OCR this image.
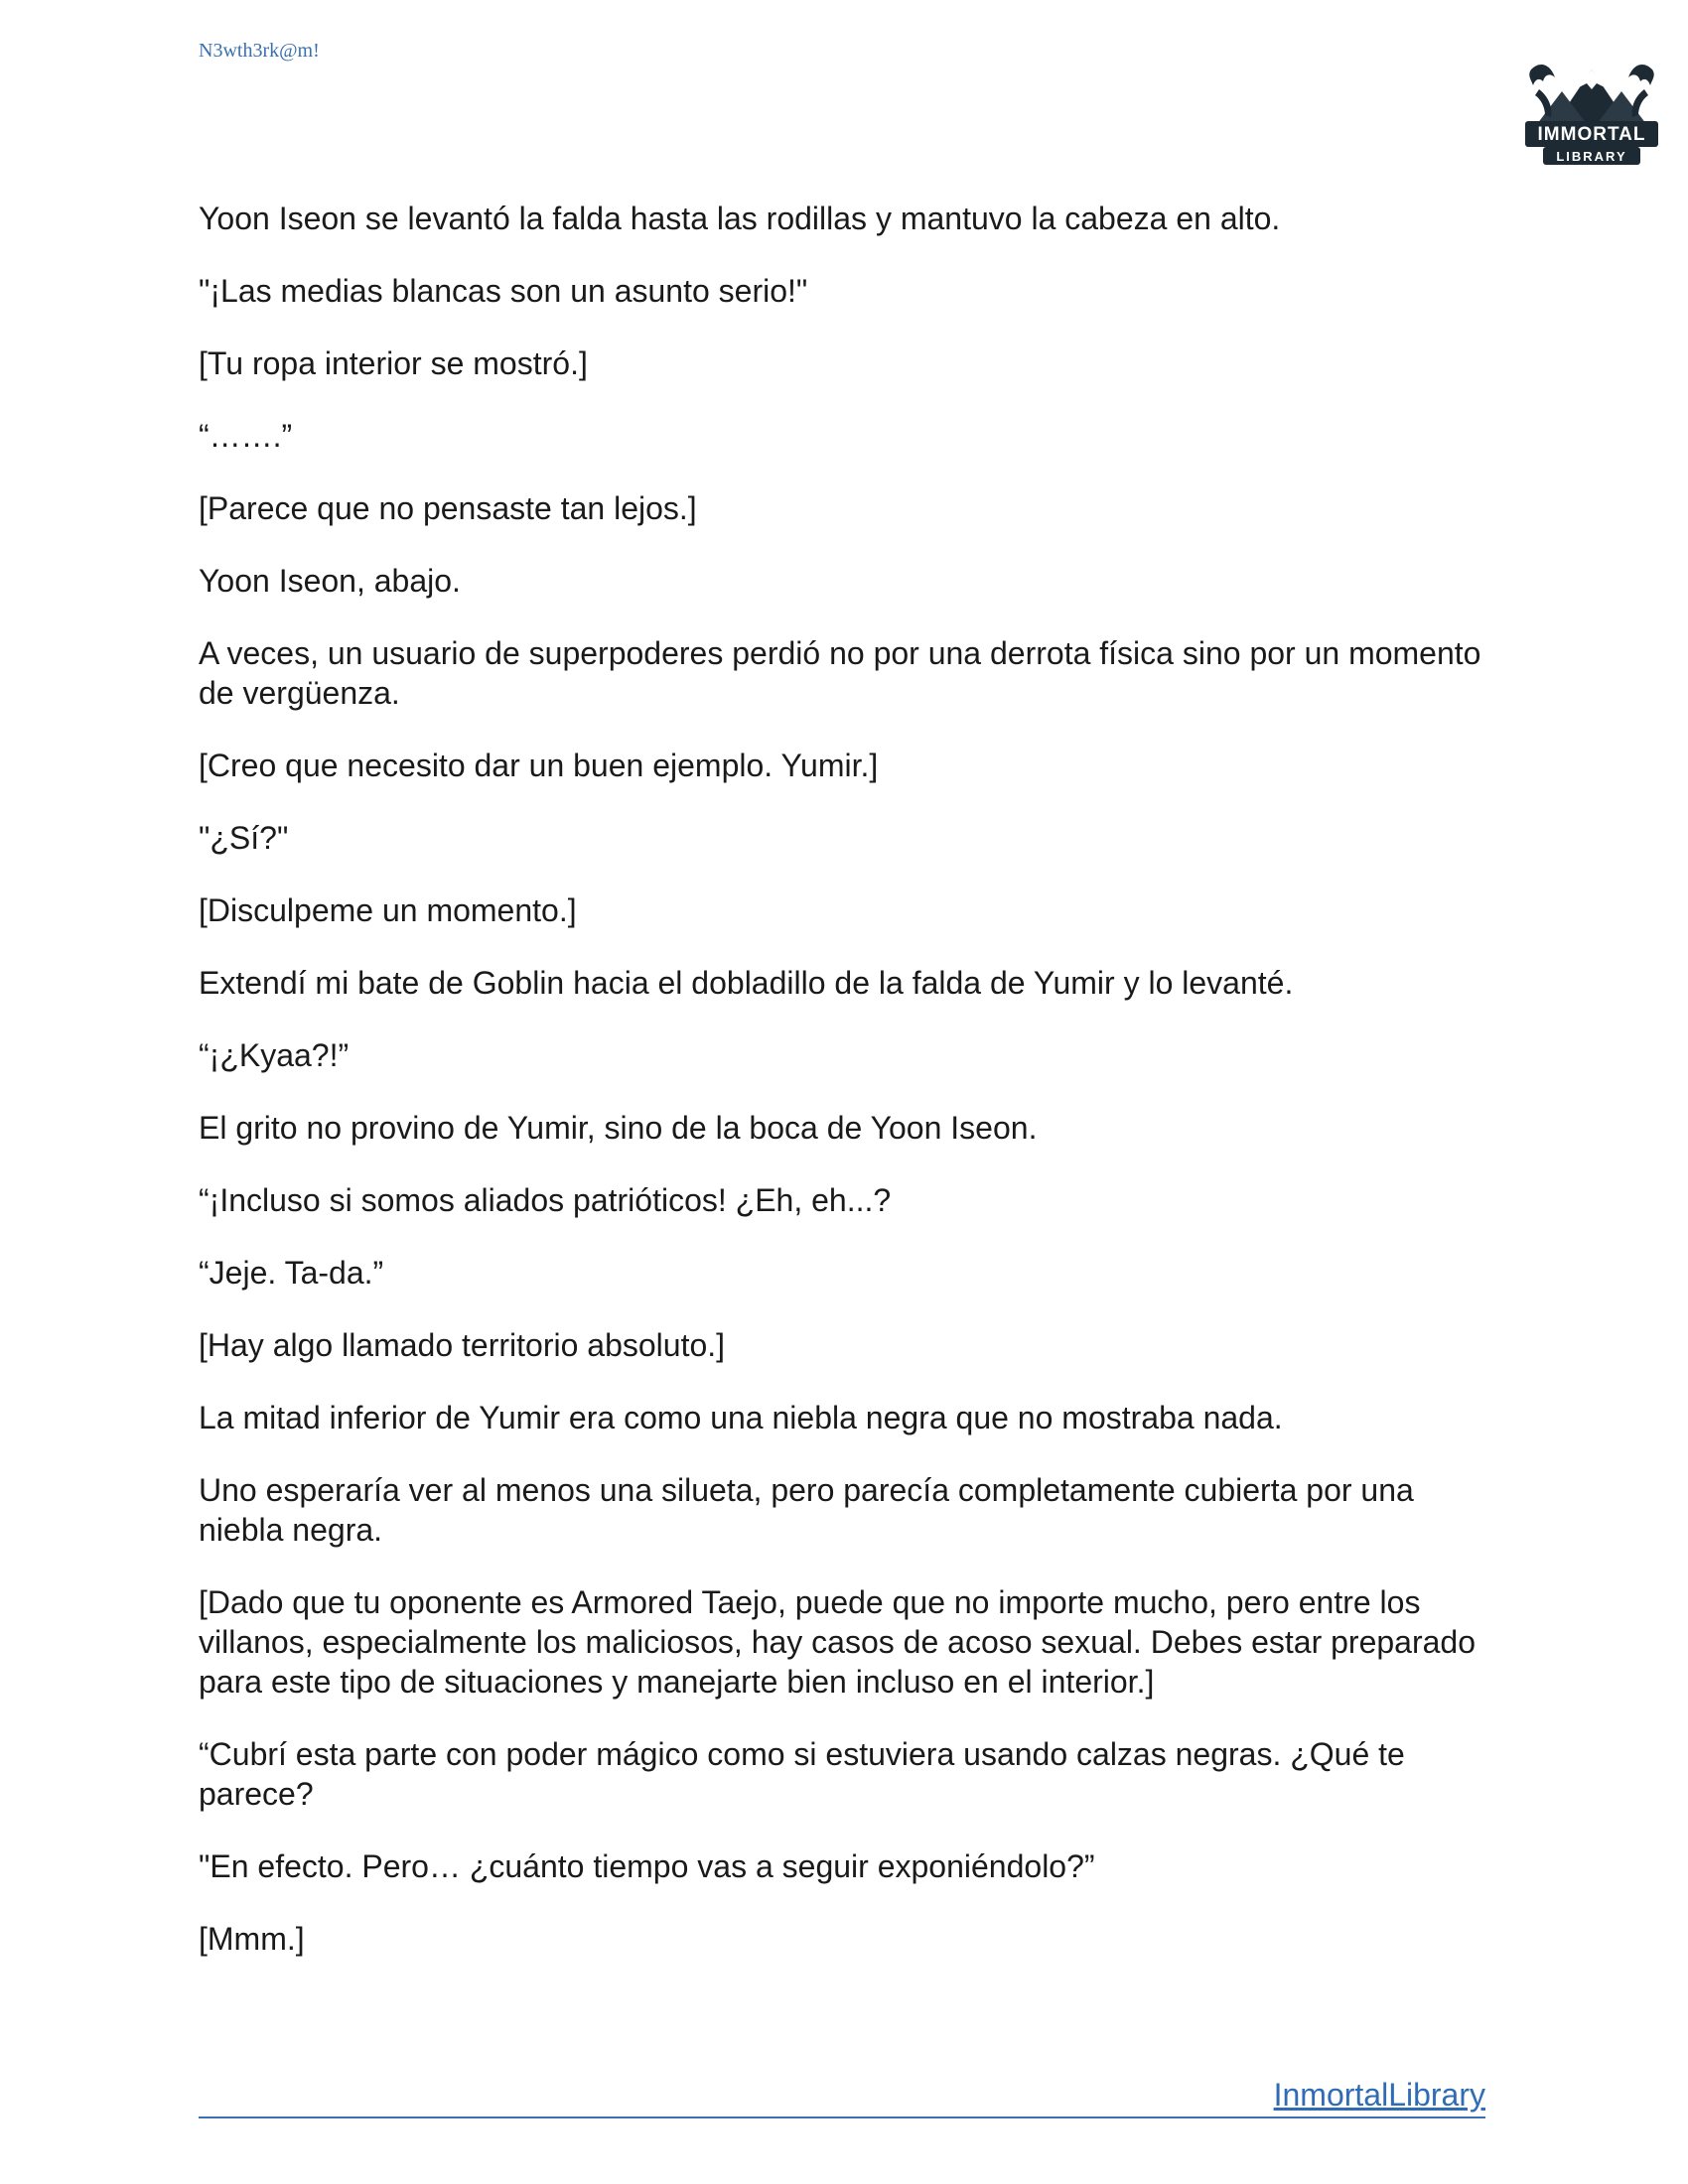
N3wth3rk@m!
IMMORTAL
LIBRARY

Yoon Iseon se levantó la falda hasta las rodillas y mantuvo la cabeza en alto.

"¡Las medias blancas son un asunto serio!"

[Tu ropa interior se mostró.]

“…….”

[Parece que no pensaste tan lejos.]

Yoon Iseon, abajo.

A veces, un usuario de superpoderes perdió no por una derrota física sino por un momento de vergüenza.

[Creo que necesito dar un buen ejemplo. Yumir.]

"¿Sí?"

[Disculpeme un momento.]

Extendí mi bate de Goblin hacia el dobladillo de la falda de Yumir y lo levanté.

“¡¿Kyaa?!”

El grito no provino de Yumir, sino de la boca de Yoon Iseon.

“¡Incluso si somos aliados patrióticos! ¿Eh, eh...?

“Jeje. Ta-da.”

[Hay algo llamado territorio absoluto.]

La mitad inferior de Yumir era como una niebla negra que no mostraba nada.

Uno esperaría ver al menos una silueta, pero parecía completamente cubierta por una niebla negra.

[Dado que tu oponente es Armored Taejo, puede que no importe mucho, pero entre los villanos, especialmente los maliciosos, hay casos de acoso sexual. Debes estar preparado para este tipo de situaciones y manejarte bien incluso en el interior.]

“Cubrí esta parte con poder mágico como si estuviera usando calzas negras. ¿Qué te parece?

"En efecto. Pero… ¿cuánto tiempo vas a seguir exponiéndolo?”

[Mmm.]

InmortalLibrary
